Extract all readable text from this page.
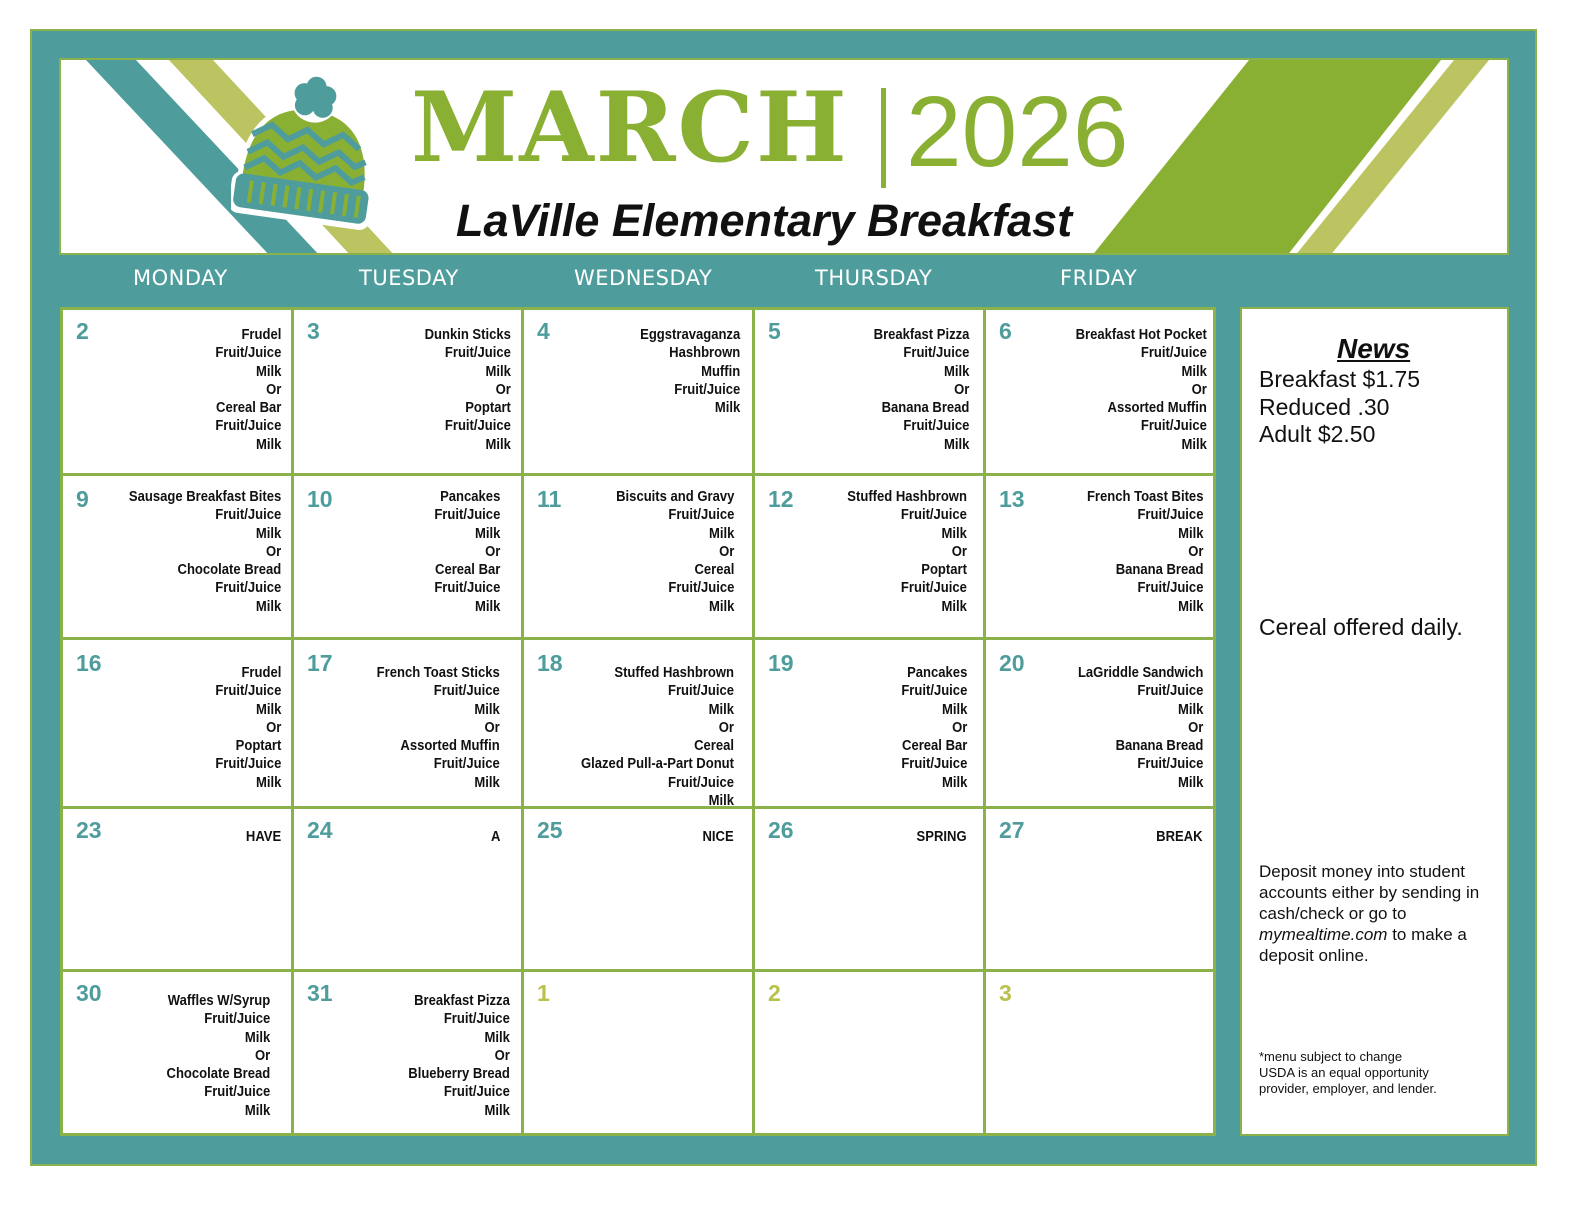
MARCH 2026
LaVille Elementary Breakfast
MONDAY	TUESDAY	WEDNESDAY	THURSDAY	FRIDAY
2	Frudel
Fruit/Juice
Milk
Or
Cereal Bar
Fruit/Juice
Milk
3	Dunkin Sticks
Fruit/Juice
Milk
Or
Poptart
Fruit/Juice
Milk
4	Eggstravaganza
Hashbrown
Muffin
Fruit/Juice
Milk
5	Breakfast Pizza
Fruit/Juice
Milk
Or
Banana Bread
Fruit/Juice
Milk
6	Breakfast Hot Pocket
Fruit/Juice
Milk
Or
Assorted Muffin
Fruit/Juice
Milk
9	Sausage Breakfast Bites
Fruit/Juice
Milk
Or
Chocolate Bread
Fruit/Juice
Milk
10	Pancakes
Fruit/Juice
Milk
Or
Cereal Bar
Fruit/Juice
Milk
11	Biscuits and Gravy
Fruit/Juice
Milk
Or
Cereal
Fruit/Juice
Milk
12	Stuffed Hashbrown
Fruit/Juice
Milk
Or
Poptart
Fruit/Juice
Milk
13	French Toast Bites
Fruit/Juice
Milk
Or
Banana Bread
Fruit/Juice
Milk
16	Frudel
Fruit/Juice
Milk
Or
Poptart
Fruit/Juice
Milk
17	French Toast Sticks
Fruit/Juice
Milk
Or
Assorted Muffin
Fruit/Juice
Milk
18	Stuffed Hashbrown
Fruit/Juice
Milk
Or
Cereal
Glazed Pull-a-Part Donut
Fruit/Juice
Milk
19	Pancakes
Fruit/Juice
Milk
Or
Cereal Bar
Fruit/Juice
Milk
20	LaGriddle Sandwich
Fruit/Juice
Milk
Or
Banana Bread
Fruit/Juice
Milk
23	HAVE 24	A 25	NICE 26	SPRING 27	BREAK
30	Waffles W/Syrup
Fruit/Juice
Milk
Or
Chocolate Bread
Fruit/Juice
Milk
31	Breakfast Pizza
Fruit/Juice
Milk
Or
Blueberry Bread
Fruit/Juice
Milk
1	2	3
News
Breakfast $1.75
Reduced .30
Adult $2.50
Cereal offered daily.
Deposit money into student accounts either by sending in cash/check or go to mymealtime.com to make a deposit online.
*menu subject to change
USDA is an equal opportunity
provider, employer, and lender.
